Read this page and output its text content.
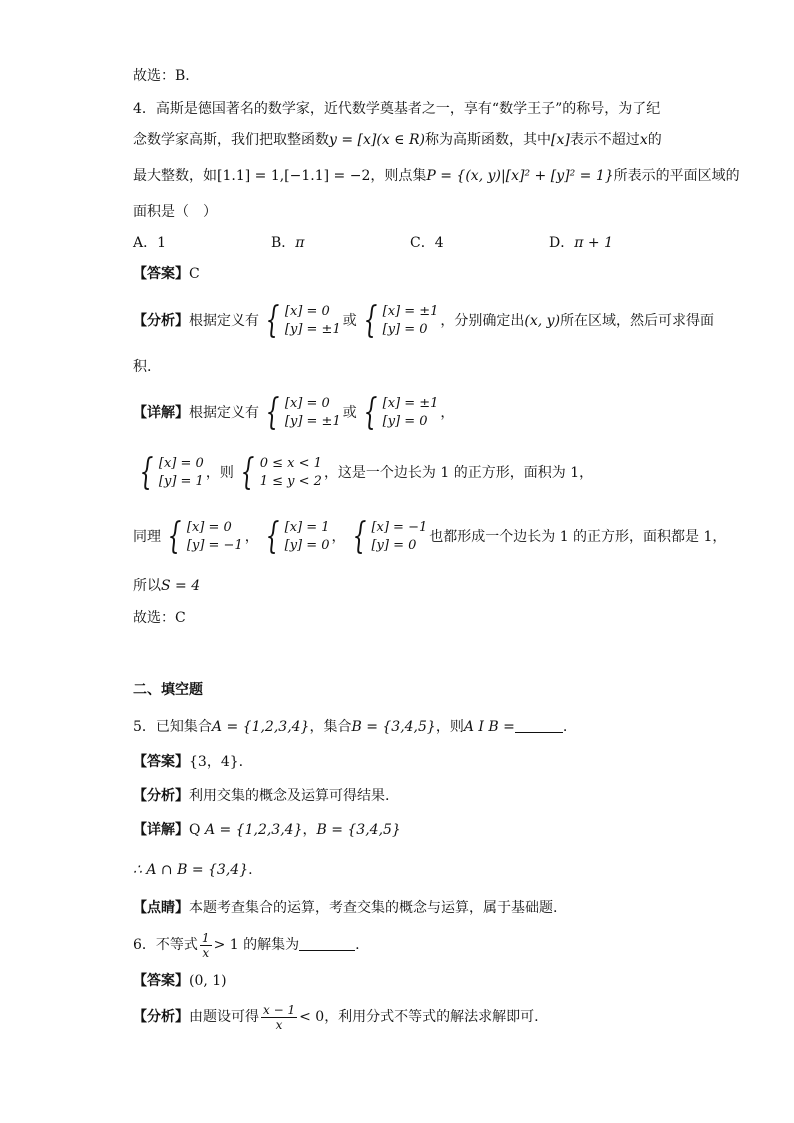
故选：B.
4．高斯是德国著名的数学家，近代数学奠基者之一，享有“数学王子”的称号，为了纪
念数学家高斯，我们把取整函数y = [x](x ∈ R)称为高斯函数，其中[x]表示不超过x的
最大整数，如[1.1] = 1,[−1.1] = −2，则点集P = {(x, y)|[x]² + [y]² = 1}所表示的平面区域的
面积是（　）
A．1	B．π	C．4	D．π + 1
【答案】C
【分析】根据定义有 { [x] = 0
[y] = ±1
或 { [x] = ±1
[y] = 0
，分别确定出(x, y)所在区域，然后可求得面
积.
【详解】根据定义有 { [x] = 0
[y] = ±1
或 { [x] = ±1
[y] = 0
，
{ [x] = 0
[y] = 1
，则 { 0 ≤ x < 1
1 ≤ y < 2
，这是一个边长为 1 的正方形，面积为 1，
同理 { [x] = 0
[y] = −1
， { [x] = 1
[y] = 0
， { [x] = −1
[y] = 0
也都形成一个边长为 1 的正方形，面积都是 1，
所以S = 4
故选：C
二、填空题
5．已知集合A = {1,2,3,4}，集合B = {3,4,5}，则A I B =	.
【答案】{3，4}.
【分析】利用交集的概念及运算可得结果.
【详解】Q A = {1,2,3,4}，B = {3,4,5}
∴ A ∩ B = {3,4}.
【点睛】本题考查集合的运算，考查交集的概念与运算，属于基础题.
6．不等式 $\frac{1}{x} > 1$ 的解集为	.
【答案】(0, 1)
【分析】由题设可得 $\frac{x - 1}{x} < 0$，利用分式不等式的解法求解即可.
